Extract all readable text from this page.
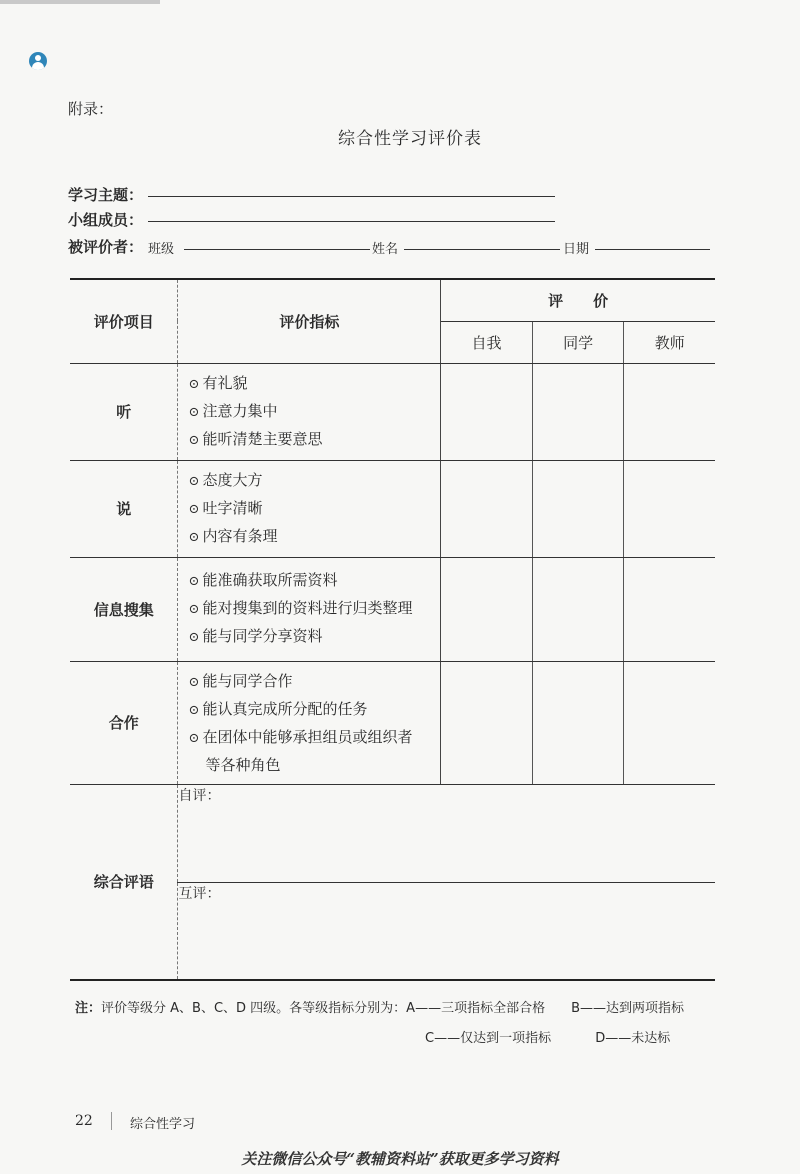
附录：
综合性学习评价表
学习主题：
小组成员：
被评价者： 班级	姓名	日期
评价项目	评价指标	评　　价		
		自我	同学	教师
听	⊙ 有礼貌
⊙ 注意力集中
⊙ 能听清楚主要意思			

说	⊙ 态度大方
⊙ 吐字清晰
⊙ 内容有条理			

信息搜集	⊙ 能准确获取所需资料
⊙ 能对搜集到的资料进行归类整理
⊙ 能与同学分享资料			

合作	⊙ 能与同学合作
⊙ 能认真完成所分配的任务
⊙ 在团体中能够承担组员或组织者
等各种角色			

综合评语	自评：			
	互评：			
注：评价等级分 A、B、C、D 四级。各等级指标分别为：A——三项指标全部合格　　B——达到两项指标
C——仅达到一项指标	D——未达标
22	综合性学习
关注微信公众号“教辅资料站”获取更多学习资料
